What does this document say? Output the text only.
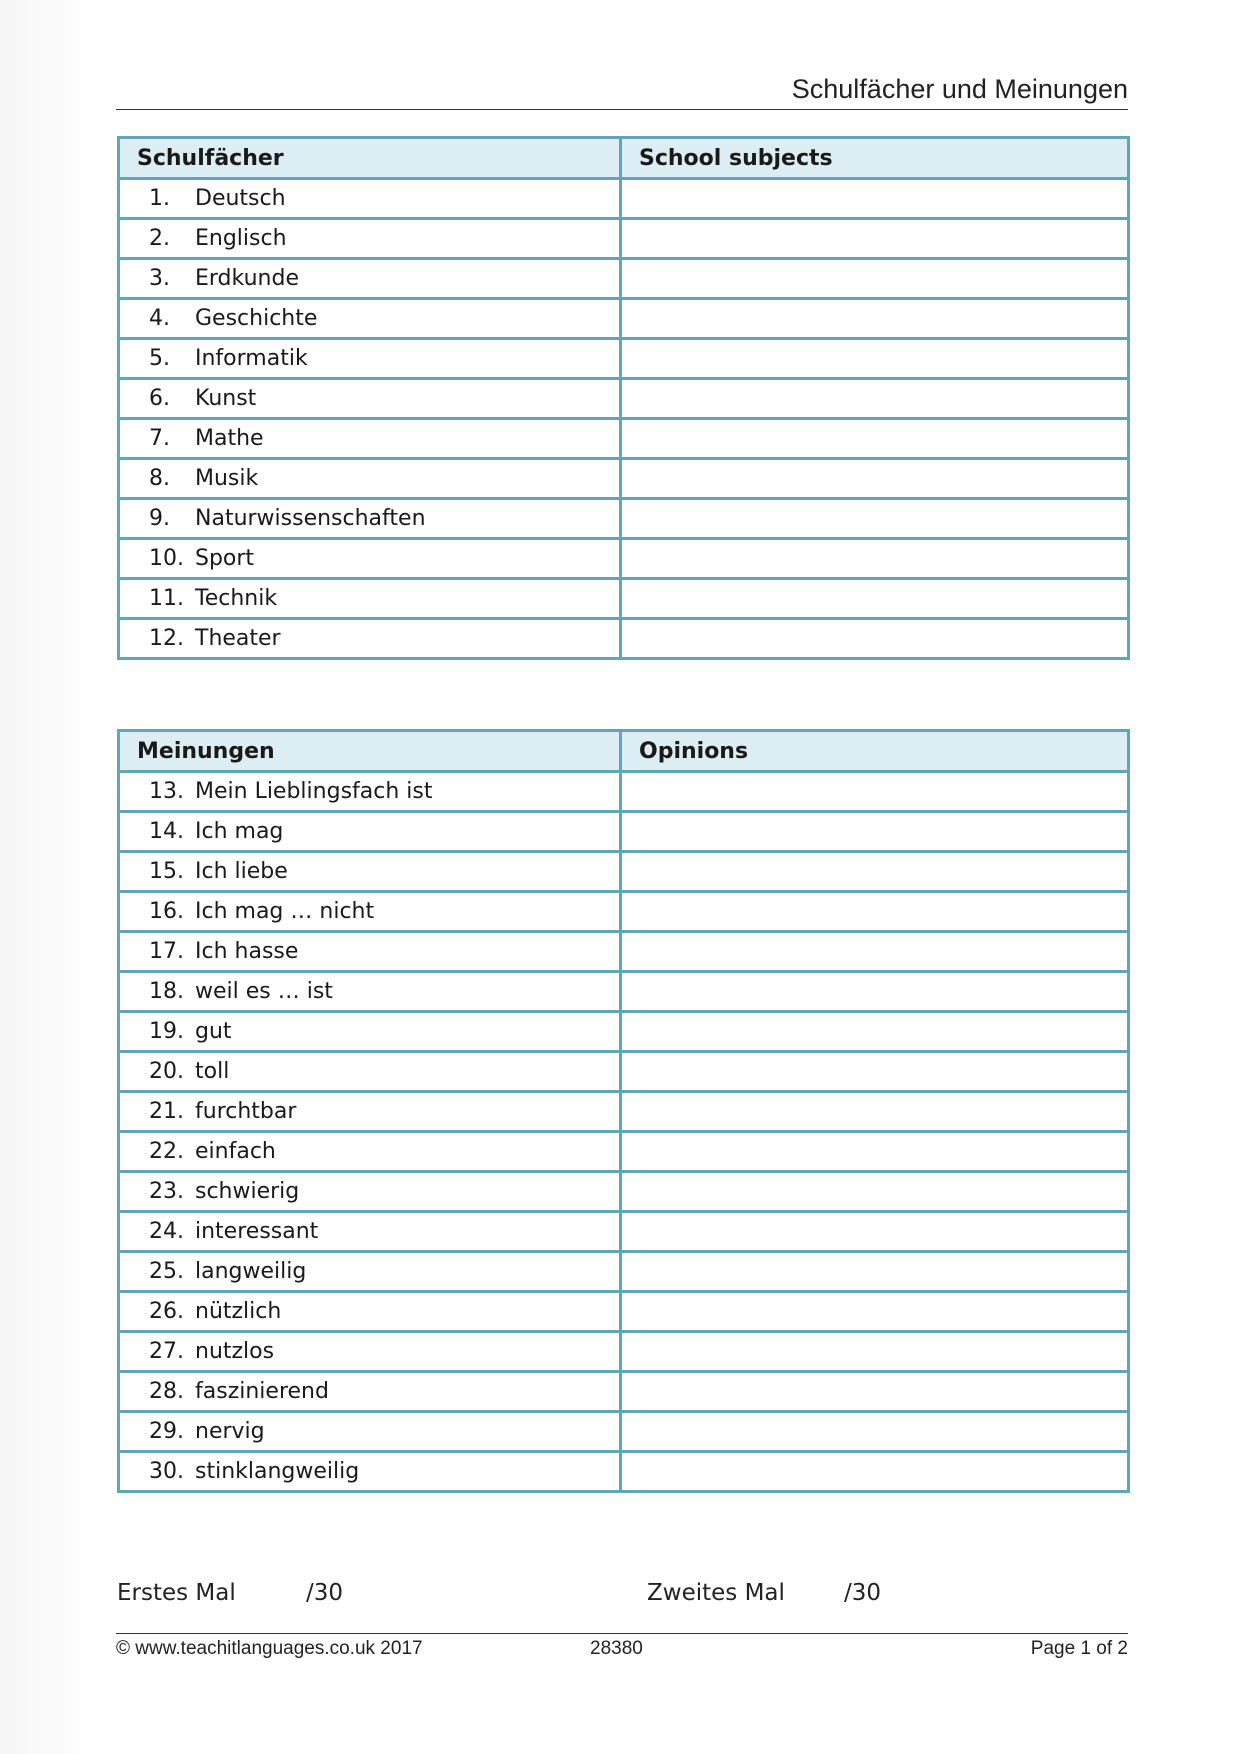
Schulfächer und Meinungen
Schulfächer	School subjects

1. Deutsch	

2. Englisch	

3. Erdkunde	

4. Geschichte	

5. Informatik	

6. Kunst	

7. Mathe	

8. Musik	

9. Naturwissenschaften	

10. Sport	

11. Technik	

12. Theater	

Meinungen	Opinions

13. Mein Lieblingsfach ist	

14. Ich mag	

15. Ich liebe	

16. Ich mag … nicht	

17. Ich hasse	

18. weil es … ist	

19. gut	

20. toll	

21. furchtbar	

22. einfach	

23. schwierig	

24. interessant	

25. langweilig	

26. nützlich	

27. nutzlos	

28. faszinierend	

29. nervig	

30. stinklangweilig	

Erstes Mal	/30	Zweites Mal	/30
© www.teachitlanguages.co.uk 2017	28380	Page 1 of 2
